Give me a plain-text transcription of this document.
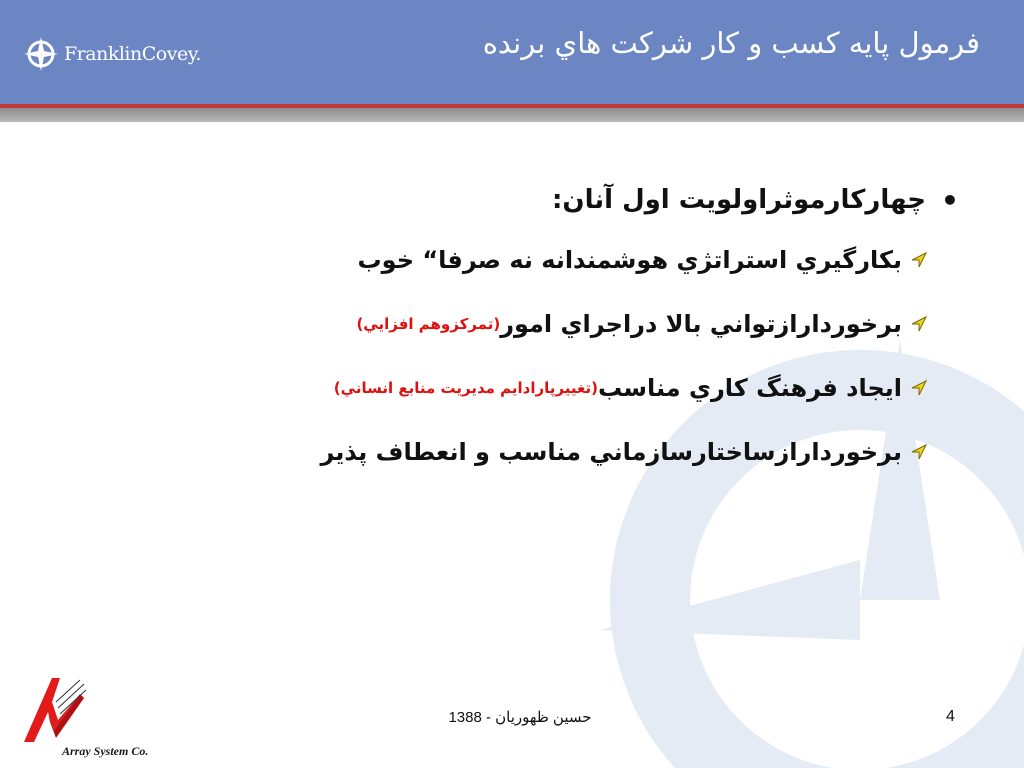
FranklinCovey.	فرمول پايه كسب و كار شركت هاي برنده
•
چهاركارموثراولويت اول آنان:
بكارگيري استراتژي هوشمندانه نه صرفا“ خوب
برخوردارازتواني بالا دراجراي امور
(تمركزوهم افزايي)
ايجاد فرهنگ كاري مناسب
(تغييرپارادايم مديريت منابع انساني)
برخوردارازساختارسازماني مناسب و انعطاف پذير
Array System Co.
حسين ظهوريان - 1388	4
